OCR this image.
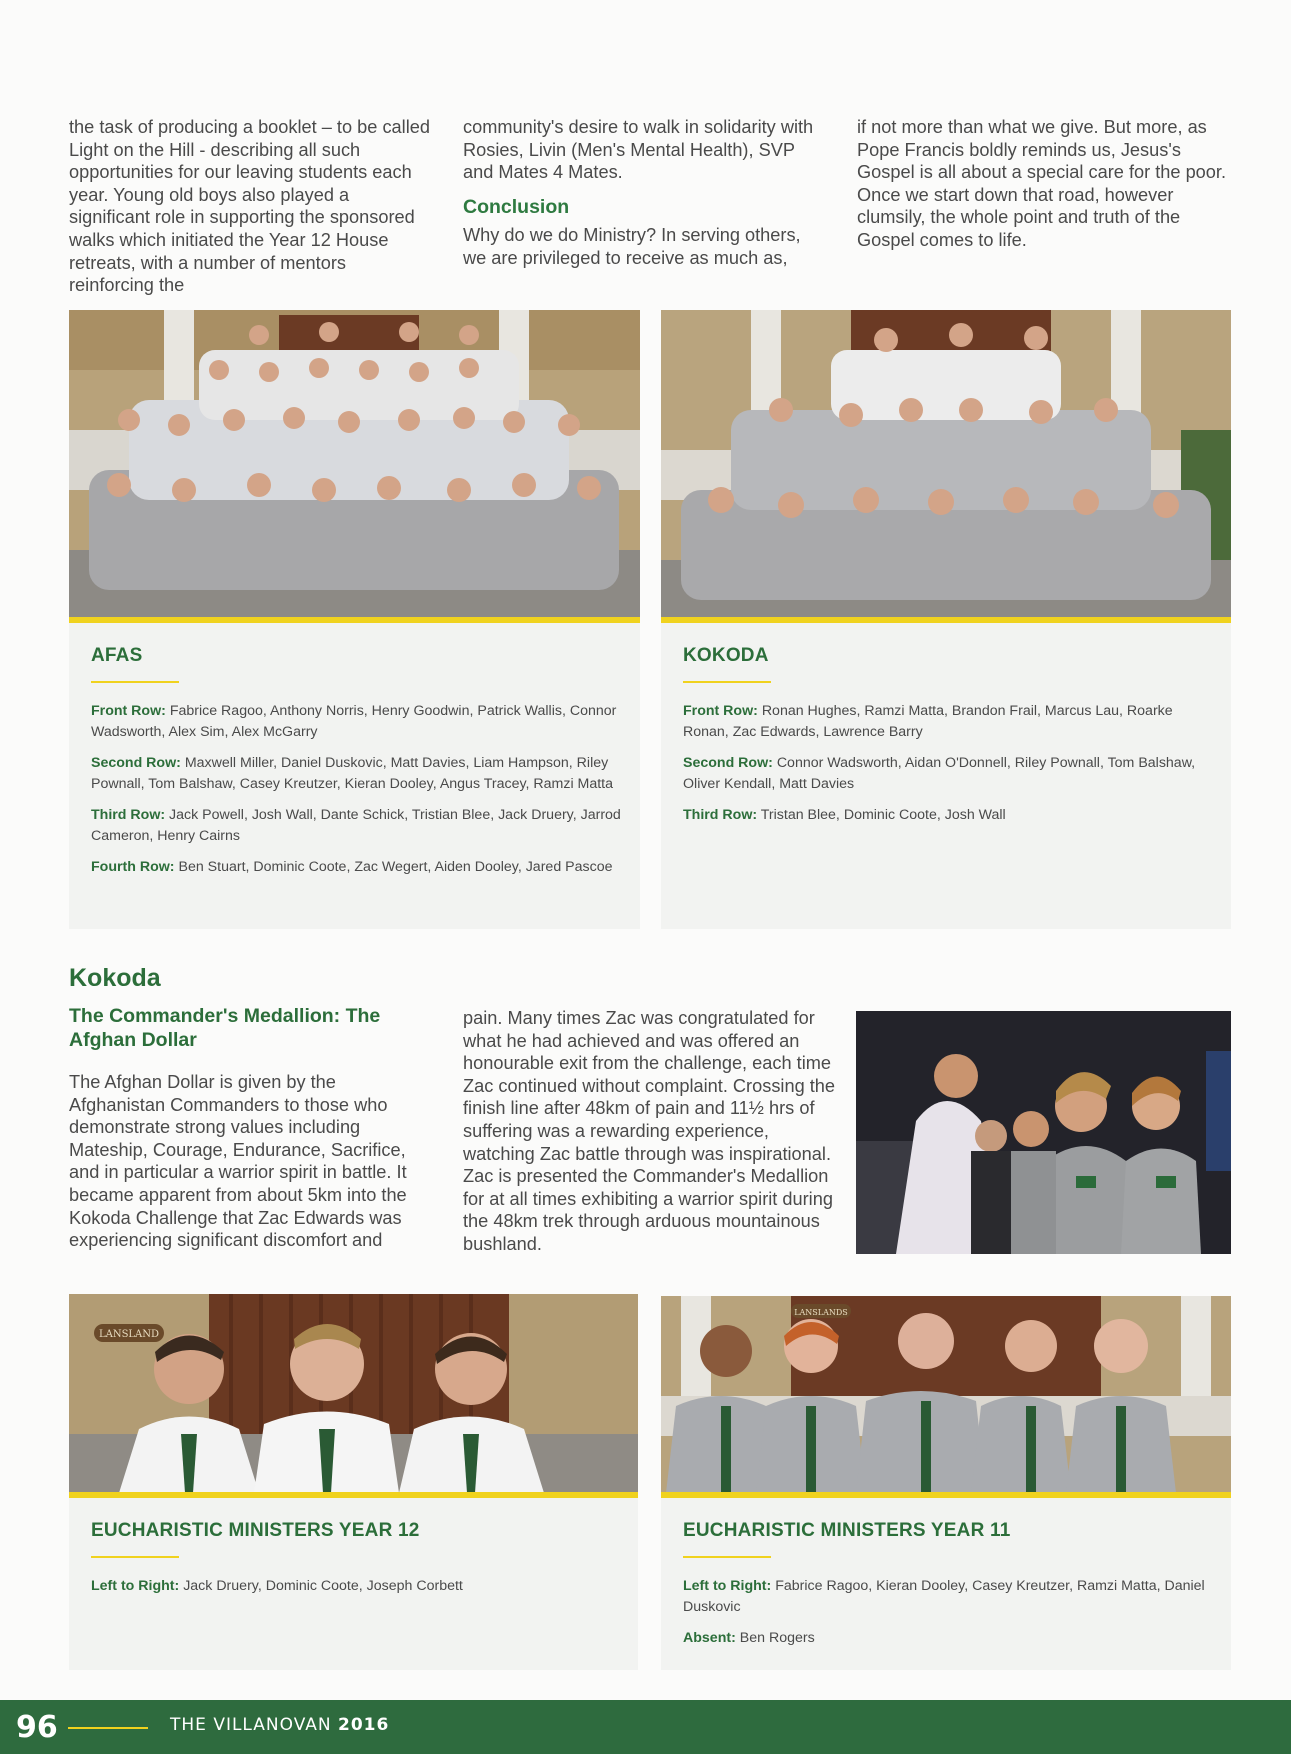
the task of producing a booklet – to be called Light on the Hill - describing all such opportunities for our leaving students each year. Young old boys also played a significant role in supporting the sponsored walks which initiated the Year 12 House retreats, with a number of mentors reinforcing the

community's desire to walk in solidarity with Rosies, Livin (Men's Mental Health), SVP and Mates 4 Mates.

Conclusion

Why do we do Ministry? In serving others, we are privileged to receive as much as,

if not more than what we give. But more, as Pope Francis boldly reminds us, Jesus's Gospel is all about a special care for the poor. Once we start down that road, however clumsily, the whole point and truth of the Gospel comes to life.

AFAS

Front Row: Fabrice Ragoo, Anthony Norris, Henry Goodwin, Patrick Wallis, Connor Wadsworth, Alex Sim, Alex McGarry

Second Row: Maxwell Miller, Daniel Duskovic, Matt Davies, Liam Hampson, Riley Pownall, Tom Balshaw, Casey Kreutzer, Kieran Dooley, Angus Tracey, Ramzi Matta

Third Row: Jack Powell, Josh Wall, Dante Schick, Tristian Blee, Jack Druery, Jarrod Cameron, Henry Cairns

Fourth Row: Ben Stuart, Dominic Coote, Zac Wegert, Aiden Dooley, Jared Pascoe

KOKODA

Front Row: Ronan Hughes, Ramzi Matta, Brandon Frail, Marcus Lau, Roarke Ronan, Zac Edwards, Lawrence Barry

Second Row: Connor Wadsworth, Aidan O'Donnell, Riley Pownall, Tom Balshaw, Oliver Kendall, Matt Davies

Third Row: Tristan Blee, Dominic Coote, Josh Wall

Kokoda
The Commander's Medallion: The Afghan Dollar

The Afghan Dollar is given by the Afghanistan Commanders to those who demonstrate strong values including Mateship, Courage, Endurance, Sacrifice, and in particular a warrior spirit in battle. It became apparent from about 5km into the Kokoda Challenge that Zac Edwards was experiencing significant discomfort and

pain. Many times Zac was congratulated for what he had achieved and was offered an honourable exit from the challenge, each time Zac continued without complaint. Crossing the finish line after 48km of pain and 11½ hrs of suffering was a rewarding experience, watching Zac battle through was inspirational. Zac is presented the Commander's Medallion for at all times exhibiting a warrior spirit during the 48km trek through arduous mountainous bushland.

LANSLAND
EUCHARISTIC MINISTERS YEAR 12

Left to Right: Jack Druery, Dominic Coote, Joseph Corbett

LANSLANDS
EUCHARISTIC MINISTERS YEAR 11

Left to Right: Fabrice Ragoo, Kieran Dooley, Casey Kreutzer, Ramzi Matta, Daniel Duskovic

Absent: Ben Rogers

96	THE VILLANOVAN 2016
